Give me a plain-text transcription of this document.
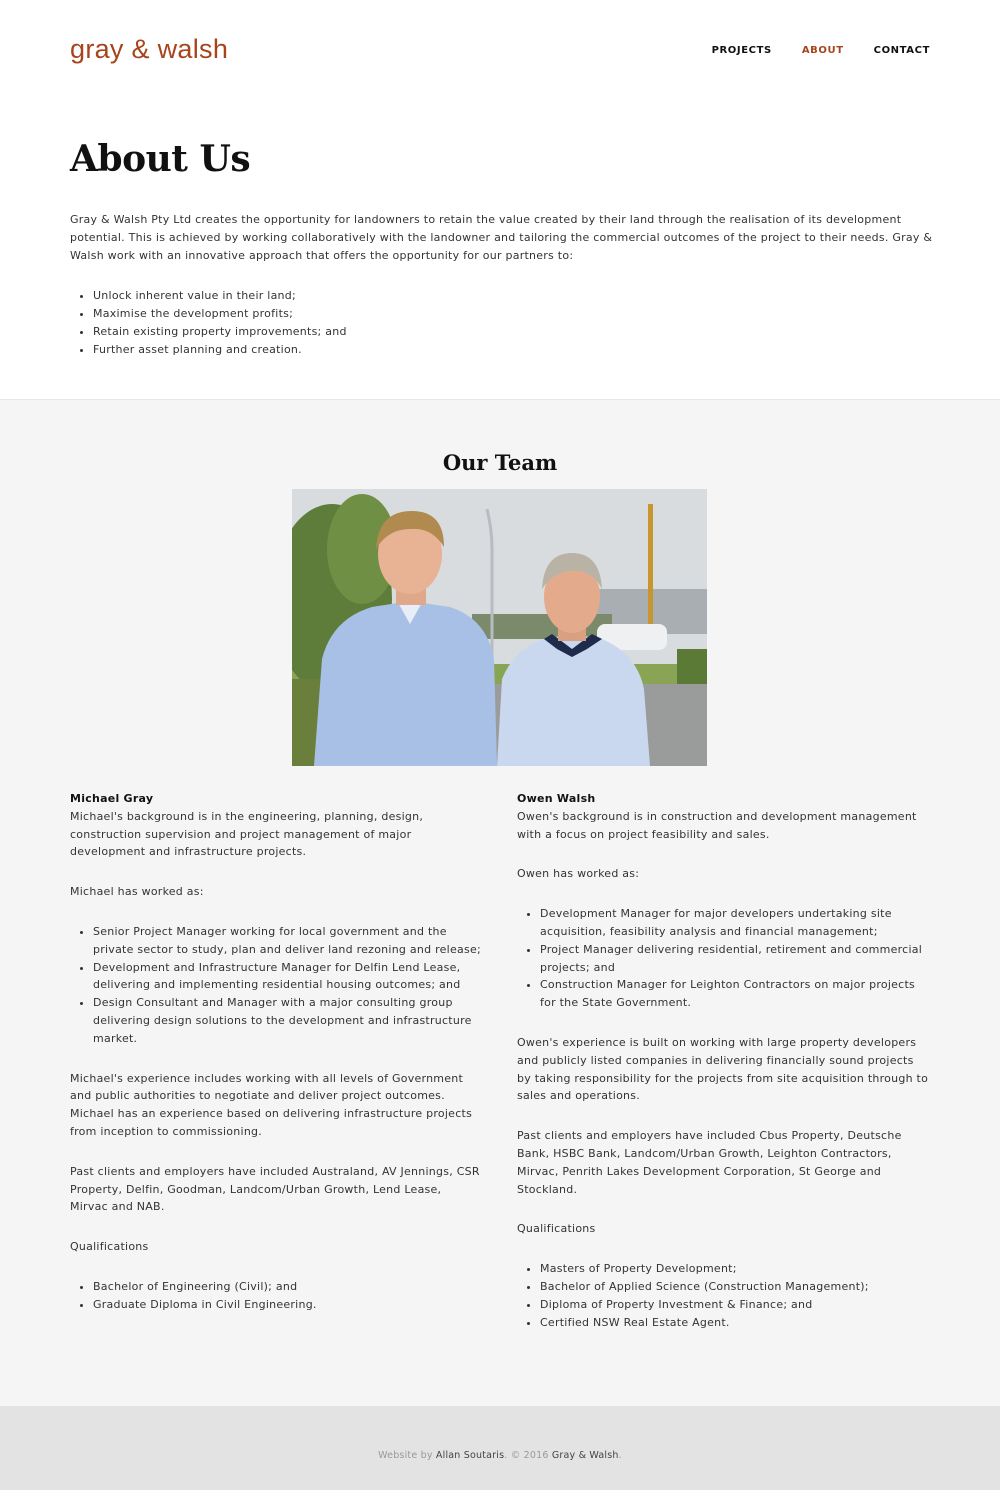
gray & walsh	PROJECTS	ABOUT	CONTACT
About Us

Gray & Walsh Pty Ltd creates the opportunity for landowners to retain the value created by their land through the realisation of its development potential. This is achieved by working collaboratively with the landowner and tailoring the commercial outcomes of the project to their needs. Gray & Walsh work with an innovative approach that offers the opportunity for our partners to:

• Unlock inherent value in their land;
• Maximise the development profits;
• Retain existing property improvements; and
• Further asset planning and creation.
Our Team
Michael Gray

Michael's background is in the engineering, planning, design, construction supervision and project management of major development and infrastructure projects.

Michael has worked as:

• Senior Project Manager working for local government and the private sector to study, plan and deliver land rezoning and release;
• Development and Infrastructure Manager for Delfin Lend Lease, delivering and implementing residential housing outcomes; and
• Design Consultant and Manager with a major consulting group delivering design solutions to the development and infrastructure market.

Michael's experience includes working with all levels of Government and public authorities to negotiate and deliver project outcomes. Michael has an experience based on delivering infrastructure projects from inception to commissioning.

Past clients and employers have included Australand, AV Jennings, CSR Property, Delfin, Goodman, Landcom/Urban Growth, Lend Lease, Mirvac and NAB.

Qualifications

• Bachelor of Engineering (Civil); and
• Graduate Diploma in Civil Engineering.
Owen Walsh

Owen's background is in construction and development management with a focus on project feasibility and sales.

Owen has worked as:

• Development Manager for major developers undertaking site acquisition, feasibility analysis and financial management;
• Project Manager delivering residential, retirement and commercial projects; and
• Construction Manager for Leighton Contractors on major projects for the State Government.

Owen's experience is built on working with large property developers and publicly listed companies in delivering financially sound projects by taking responsibility for the projects from site acquisition through to sales and operations.

Past clients and employers have included Cbus Property, Deutsche Bank, HSBC Bank, Landcom/Urban Growth, Leighton Contractors, Mirvac, Penrith Lakes Development Corporation, St George and Stockland.

Qualifications

• Masters of Property Development;
• Bachelor of Applied Science (Construction Management);
• Diploma of Property Investment & Finance; and
• Certified NSW Real Estate Agent.
Website by Allan Soutaris. © 2016 Gray & Walsh.
